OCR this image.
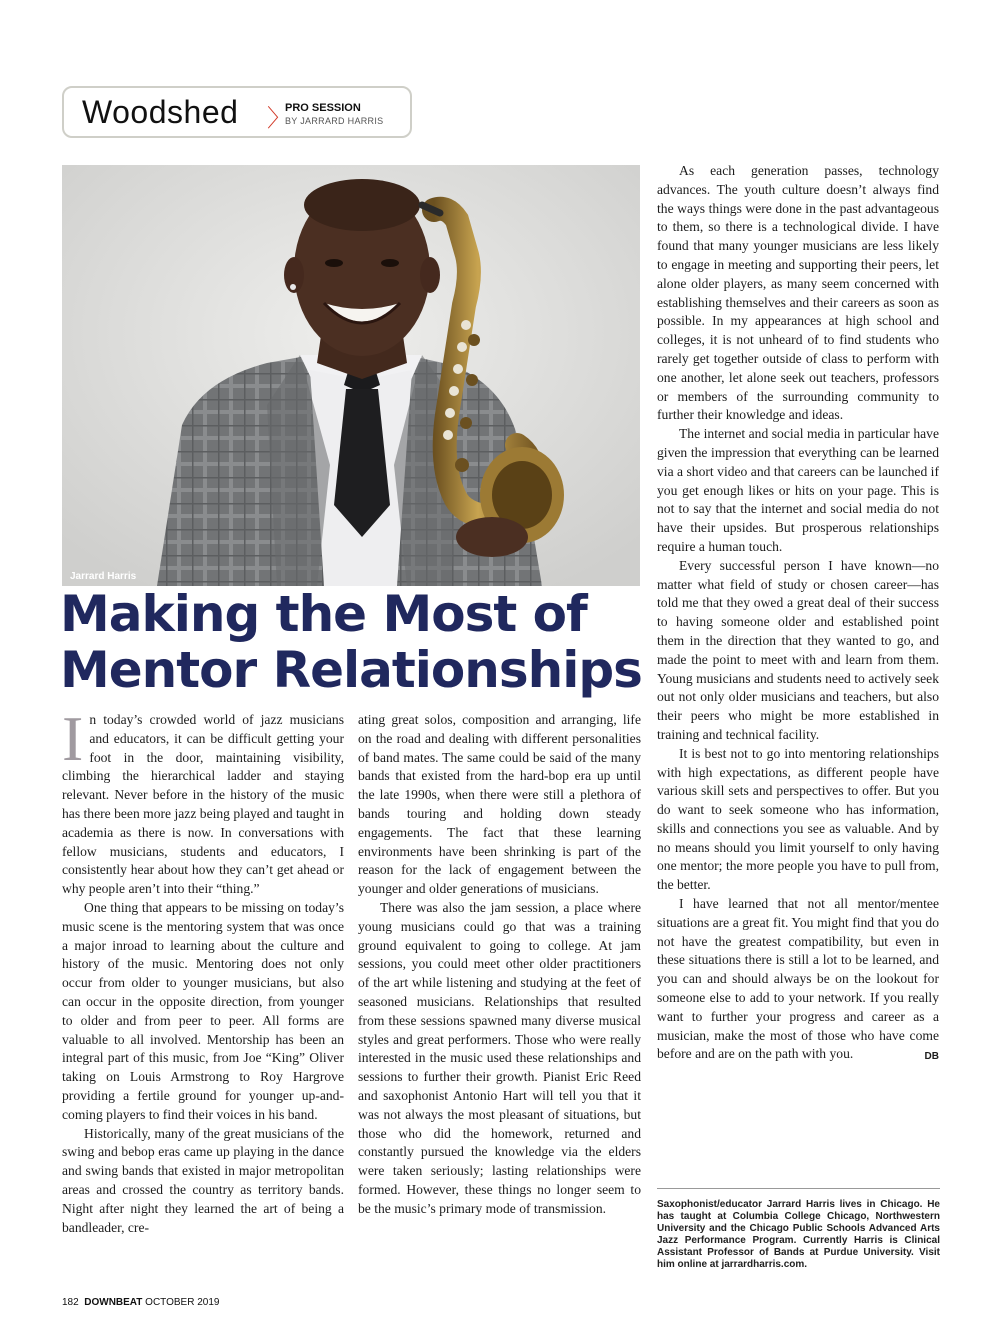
Woodshed 〉
PRO SESSION
BY JARRARD HARRIS
Jarrard Harris
Making the Most of
Mentor Relationships

In today’s crowded world of jazz musicians and educators, it can be difficult getting your foot in the door, maintaining visibility, climbing the hierarchical ladder and staying relevant. Never before in the history of the music has there been more jazz being played and taught in academia as there is now. In conversations with fellow musicians, students and educators, I consistently hear about how they can’t get ahead or why people aren’t into their “thing.”

One thing that appears to be missing on today’s music scene is the mentoring system that was once a major inroad to learning about the culture and history of the music. Mentoring does not only occur from older to younger musicians, but also can occur in the opposite direction, from younger to older and from peer to peer. All forms are valuable to all involved. Mentorship has been an integral part of this music, from Joe “King” Oliver taking on Louis Armstrong to Roy Hargrove providing a fertile ground for younger up-and-coming players to find their voices in his band.

Historically, many of the great musicians of the swing and bebop eras came up playing in the dance and swing bands that existed in major metropolitan areas and crossed the country as territory bands. Night after night they learned the art of being a bandleader, cre-

ating great solos, composition and arranging, life on the road and dealing with different personalities of band mates. The same could be said of the many bands that existed from the hard-bop era up until the late 1990s, when there were still a plethora of bands touring and holding down steady engagements. The fact that these learning environments have been shrinking is part of the reason for the lack of engagement between the younger and older generations of musicians.

There was also the jam session, a place where young musicians could go that was a training ground equivalent to going to college. At jam sessions, you could meet other older practitioners of the art while listening and studying at the feet of seasoned musicians. Relationships that resulted from these sessions spawned many diverse musical styles and great performers. Those who were really interested in the music used these relationships and sessions to further their growth. Pianist Eric Reed and saxophonist Antonio Hart will tell you that it was not always the most pleasant of situations, but those who did the homework, returned and constantly pursued the knowledge via the elders were taken seriously; lasting relationships were formed. However, these things no longer seem to be the music’s primary mode of transmission.

As each generation passes, technology advances. The youth culture doesn’t always find the ways things were done in the past advantageous to them, so there is a technological divide. I have found that many younger musicians are less likely to engage in meeting and supporting their peers, let alone older players, as many seem concerned with establishing themselves and their careers as soon as possible. In my appearances at high school and colleges, it is not unheard of to find students who rarely get together outside of class to perform with one another, let alone seek out teachers, professors or members of the surrounding community to further their knowledge and ideas.

The internet and social media in particular have given the impression that everything can be learned via a short video and that careers can be launched if you get enough likes or hits on your page. This is not to say that the internet and social media do not have their upsides. But prosperous relationships require a human touch.

Every successful person I have known—no matter what field of study or chosen career—has told me that they owed a great deal of their success to having someone older and established point them in the direction that they wanted to go, and made the point to meet with and learn from them. Young musicians and students need to actively seek out not only older musicians and teachers, but also their peers who might be more established in training and technical facility.

It is best not to go into mentoring relationships with high expectations, as different people have various skill sets and perspectives to offer. But you do want to seek someone who has information, skills and connections you see as valuable. And by no means should you limit yourself to only having one mentor; the more people you have to pull from, the better.

I have learned that not all mentor/mentee situations are a great fit. You might find that you do not have the greatest compatibility, but even in these situations there is still a lot to be learned, and you can and should always be on the lookout for someone else to add to your network. If you really want to further your progress and career as a musician, make the most of those who have come before and are on the path with you.	DB

Saxophonist/educator Jarrard Harris lives in Chicago. He has taught at Columbia College Chicago, Northwestern University and the Chicago Public Schools Advanced Arts Jazz Performance Program. Currently Harris is Clinical Assistant Professor of Bands at Purdue University. Visit him online at jarrardharris.com.
182 DOWNBEAT OCTOBER 2019
